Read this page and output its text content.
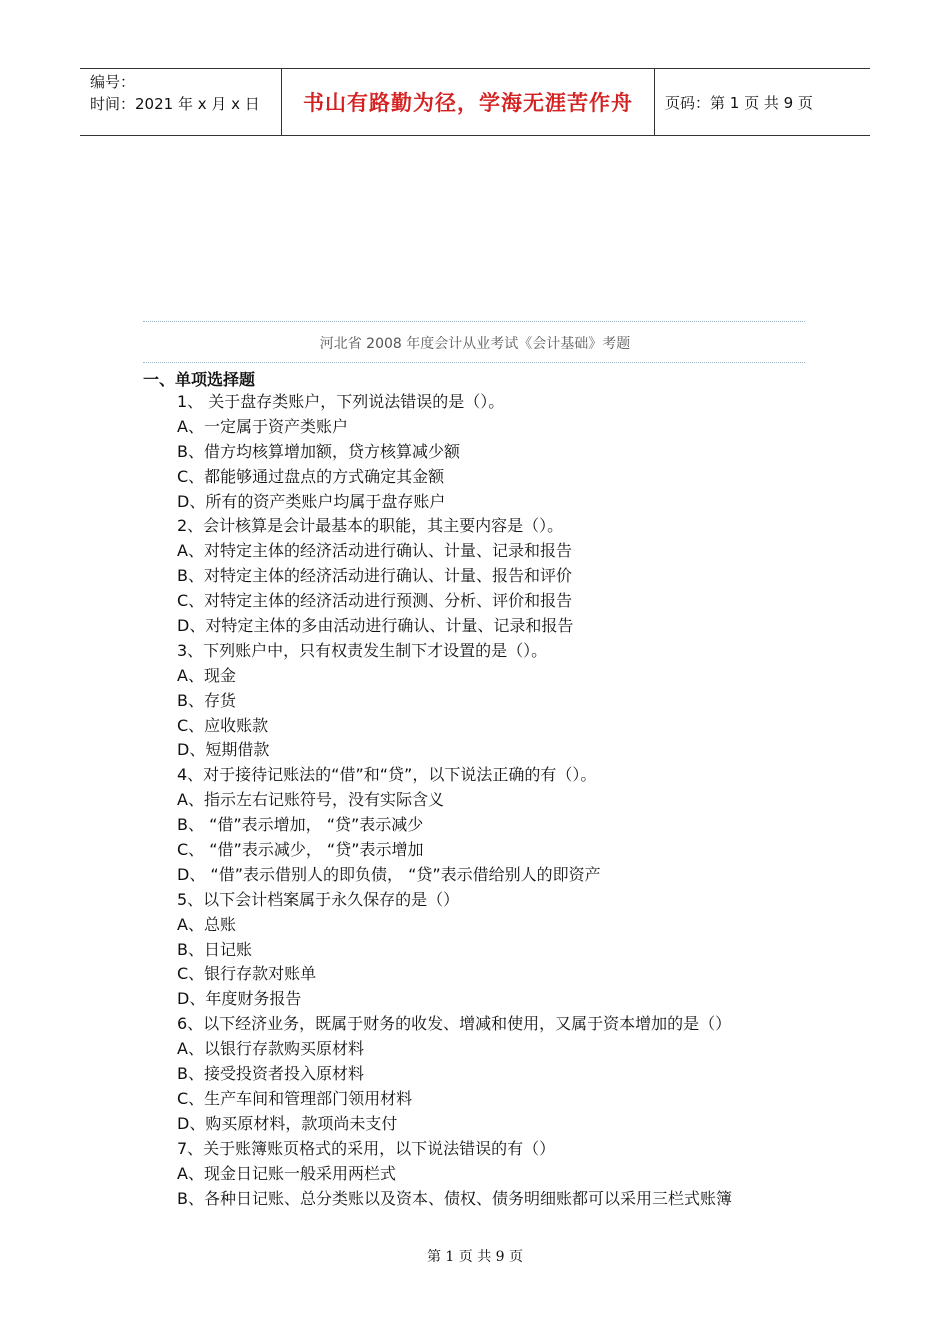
编号：
时间：2021 年 x 月 x 日	书山有路勤为径，学海无涯苦作舟 页码：第 1 页 共 9 页
河北省 2008 年度会计从业考试《会计基础》考题
一、单项选择题
1、 关于盘存类账户，下列说法错误的是（）。
A、一定属于资产类账户
B、借方均核算增加额，贷方核算减少额
C、都能够通过盘点的方式确定其金额
D、所有的资产类账户均属于盘存账户
2、会计核算是会计最基本的职能，其主要内容是（）。
A、对特定主体的经济活动进行确认、计量、记录和报告
B、对特定主体的经济活动进行确认、计量、报告和评价
C、对特定主体的经济活动进行预测、分析、评价和报告
D、对特定主体的多由活动进行确认、计量、记录和报告
3、下列账户中，只有权责发生制下才设置的是（）。
A、现金
B、存货
C、应收账款
D、短期借款
4、对于接待记账法的“借”和“贷”，以下说法正确的有（）。
A、指示左右记账符号，没有实际含义
B、 “借”表示增加， “贷”表示减少
C、 “借”表示减少， “贷”表示增加
D、 “借”表示借别人的即负债， “贷”表示借给别人的即资产
5、以下会计档案属于永久保存的是（）
A、总账
B、日记账
C、银行存款对账单
D、年度财务报告
6、以下经济业务，既属于财务的收发、增减和使用，又属于资本增加的是（）
A、以银行存款购买原材料
B、接受投资者投入原材料
C、生产车间和管理部门领用材料
D、购买原材料，款项尚未支付
7、关于账簿账页格式的采用，以下说法错误的有（）
A、现金日记账一般采用两栏式
B、各种日记账、总分类账以及资本、债权、债务明细账都可以采用三栏式账簿
第 1 页 共 9 页
